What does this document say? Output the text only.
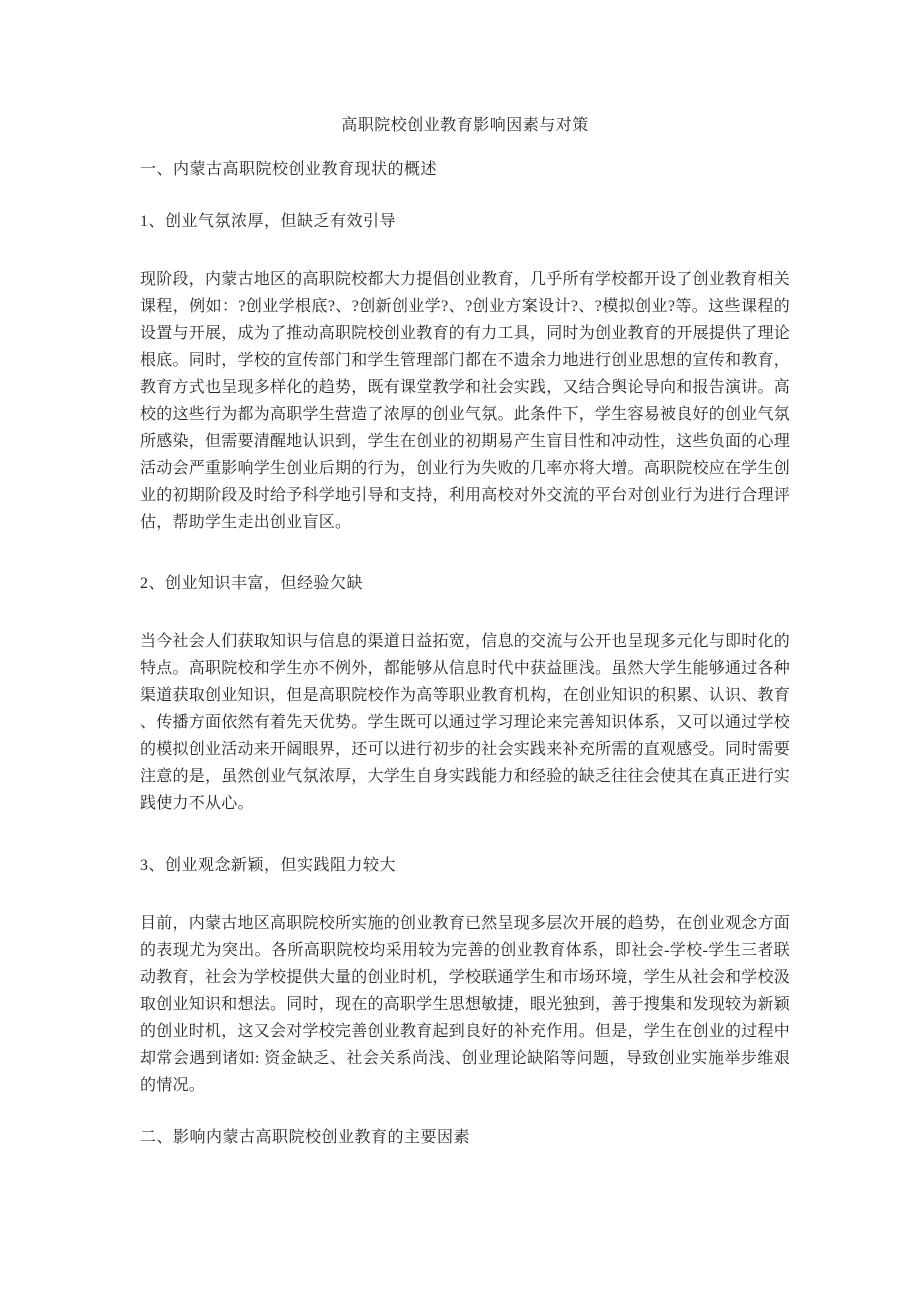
高职院校创业教育影响因素与对策
一、内蒙古高职院校创业教育现状的概述
1、创业气氛浓厚，但缺乏有效引导
现阶段，内蒙古地区的高职院校都大力提倡创业教育，几乎所有学校都开设了创业教育相关课程，例如：?创业学根底?、?创新创业学?、?创业方案设计?、?模拟创业?等。这些课程的设置与开展，成为了推动高职院校创业教育的有力工具，同时为创业教育的开展提供了理论根底。同时，学校的宣传部门和学生管理部门都在不遗余力地进行创业思想的宣传和教育，教育方式也呈现多样化的趋势，既有课堂教学和社会实践，又结合舆论导向和报告演讲。高校的这些行为都为高职学生营造了浓厚的创业气氛。此条件下，学生容易被良好的创业气氛所感染，但需要清醒地认识到，学生在创业的初期易产生盲目性和冲动性，这些负面的心理活动会严重影响学生创业后期的行为，创业行为失败的几率亦将大增。高职院校应在学生创业的初期阶段及时给予科学地引导和支持，利用高校对外交流的平台对创业行为进行合理评估，帮助学生走出创业盲区。
2、创业知识丰富，但经验欠缺
当今社会人们获取知识与信息的渠道日益拓宽，信息的交流与公开也呈现多元化与即时化的特点。高职院校和学生亦不例外，都能够从信息时代中获益匪浅。虽然大学生能够通过各种渠道获取创业知识，但是高职院校作为高等职业教育机构，在创业知识的积累、认识、教育、传播方面依然有着先天优势。学生既可以通过学习理论来完善知识体系，又可以通过学校的模拟创业活动来开阔眼界，还可以进行初步的社会实践来补充所需的直观感受。同时需要注意的是，虽然创业气氛浓厚，大学生自身实践能力和经验的缺乏往往会使其在真正进行实践使力不从心。
3、创业观念新颖，但实践阻力较大
目前，内蒙古地区高职院校所实施的创业教育已然呈现多层次开展的趋势，在创业观念方面的表现尤为突出。各所高职院校均采用较为完善的创业教育体系，即社会-学校-学生三者联动教育，社会为学校提供大量的创业时机，学校联通学生和市场环境，学生从社会和学校汲取创业知识和想法。同时，现在的高职学生思想敏捷，眼光独到，善于搜集和发现较为新颖的创业时机，这又会对学校完善创业教育起到良好的补充作用。但是，学生在创业的过程中却常会遇到诸如: 资金缺乏、社会关系尚浅、创业理论缺陷等问题，导致创业实施举步维艰的情况。
二、影响内蒙古高职院校创业教育的主要因素
